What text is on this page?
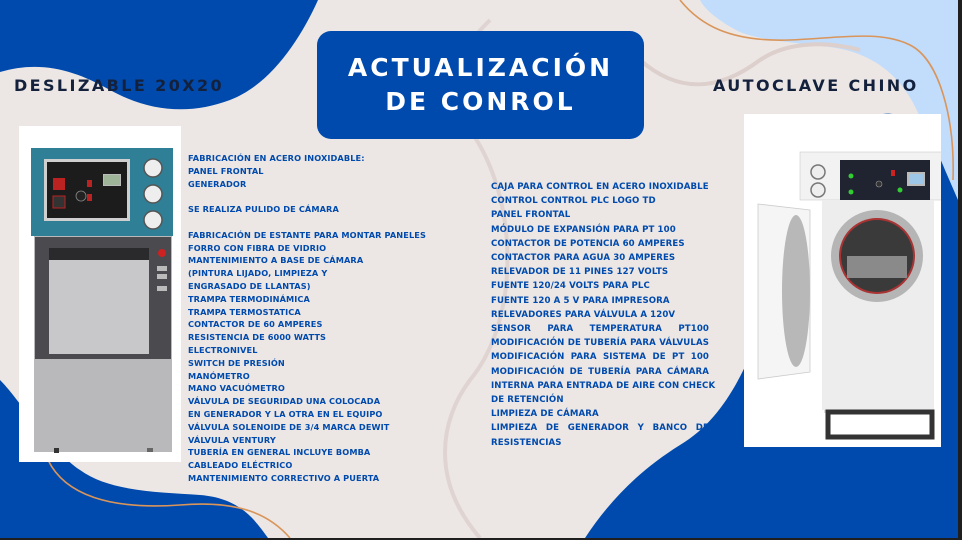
ACTUALIZACIÓN
DE CONROL
DESLIZABLE 20X20	AUTOCLAVE CHINO
FABRICACIÓN EN ACERO INOXIDABLE:
PANEL FRONTAL
GENERADOR
SE REALIZA PULIDO DE CÁMARA
FABRICACIÓN DE ESTANTE PARA MONTAR PANELES
FORRO CON FIBRA DE VIDRIO
MANTENIMIENTO A BASE DE CÁMARA
(PINTURA LIJADO, LIMPIEZA Y
ENGRASADO DE LLANTAS)
TRAMPA TERMODINÁMICA
TRAMPA TERMOSTATICA
CONTACTOR DE 60 AMPERES
RESISTENCIA DE 6000 WATTS
ELECTRONIVEL
SWITCH DE PRESIÓN
MANÓMETRO
MANO VACUÓMETRO
VÁLVULA DE SEGURIDAD UNA COLOCADA
EN GENERADOR Y LA OTRA EN EL EQUIPO
VÁLVULA SOLENOIDE DE 3/4 MARCA DEWIT
VÁLVULA VENTURY
TUBERÍA EN GENERAL INCLUYE BOMBA
CABLEADO ELÉCTRICO
MANTENIMIENTO CORRECTIVO A PUERTA
CAJA PARA CONTROL EN ACERO INOXIDABLE
CONTROL CONTROL PLC LOGO TD
PANEL FRONTAL
MÓDULO DE EXPANSIÓN PARA PT 100
CONTACTOR DE POTENCIA 60 AMPERES
CONTACTOR PARA AGUA 30 AMPERES
RELEVADOR DE 11 PINES 127 VOLTS
FUENTE 120/24 VOLTS PARA PLC
FUENTE 120 A 5 V PARA IMPRESORA
RELEVADORES PARA VÁLVULA A 120V
SENSOR PARA TEMPERATURA PT100
MODIFICACIÓN DE TUBERÍA PARA VÁLVULAS
MODIFICACIÓN PARA SISTEMA DE PT 100
MODIFICACIÓN DE TUBERÍA PARA CÁMARA
INTERNA PARA ENTRADA DE AIRE CON CHECK
DE RETENCIÓN
LIMPIEZA DE CÁMARA
LIMPIEZA DE GENERADOR Y BANCO DE
RESISTENCIAS
